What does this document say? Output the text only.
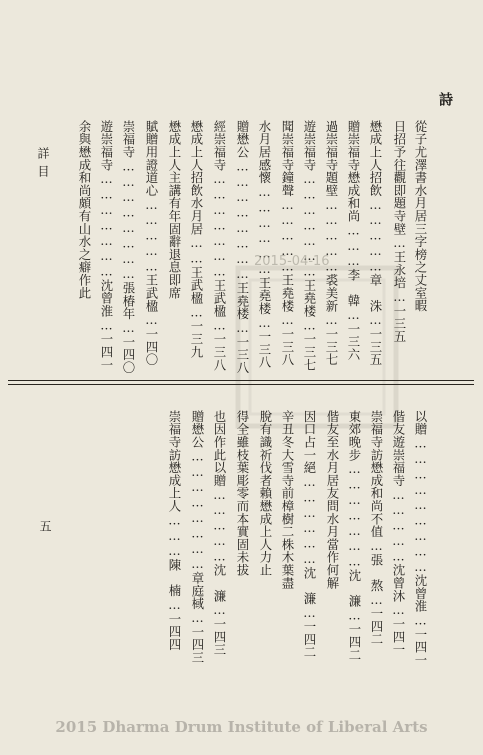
詩
從子尤澤書水月居三字榜之丈室暇
日招予往觀即題寺壁…王永培…一三五
懋成上人招飲……………章　洙…一三五
贈崇福寺懋成和尚………李　韓…一三六
過崇福寺題壁……………裘美新…一三七
遊崇福寺…………………王堯楼…一三七
聞崇福寺鐘聲……………王堯楼…一三八
水月居感懷………………王堯楼…一三八
贈懋公……………………王堯楼…一三八
經崇福寺…………………王武楹…一三八
懋成上人招飲水月居……王武楹…一三九
懋成上人主講有年固辭退息即席
賦贈用證道心……………王武楹…一四〇
崇福寺……………………張椿年…一四〇
遊崇福寺…………………沈曾淮…一四一
余與懋成和尚頗有山水之癖作此
詳目
2015-04-16
以贈………………………沈曾淮…一四一
偕友遊崇福寺……………沈曾沐…一四一
崇福寺訪懋成和尚不值…張　熬…一四二
東郊晚步…………………沈　濂…一四二
偕友至水月居友問水月當作何解
因口占一絕………………沈　濂…一四二
辛丑冬大雪寺前樟樹二株木葉盡
脫有識祈伐者賴懋成上人力止
得全雖枝葉彫零而本實固未拔
也因作此以贈……………沈　濂…一四三
贈懋公……………………章庭棫…一四三
崇福寺訪懋成上人………陳　楠…一四四
五
2015 Dharma Drum Institute of Liberal Arts
